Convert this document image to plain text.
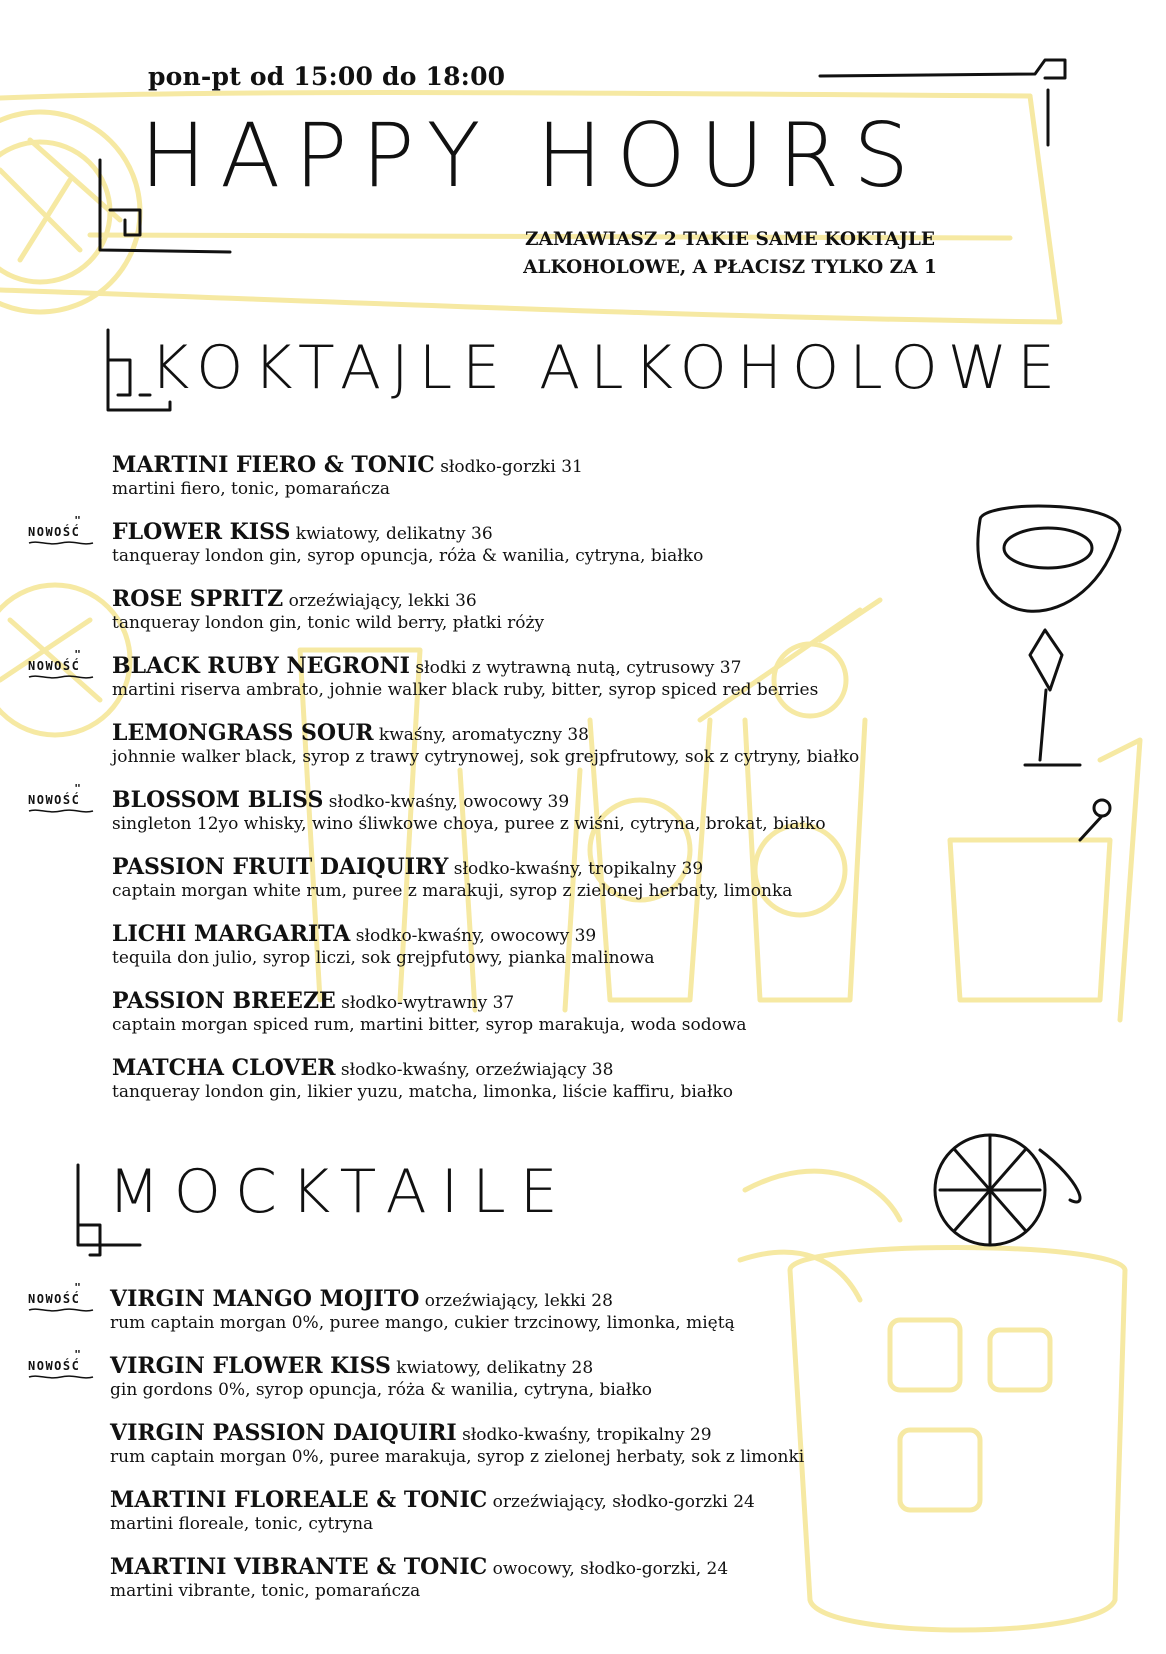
pon-pt od 15:00 do 18:00
HAPPY HOURS
ZAMAWIASZ 2 TAKIE SAME KOKTAJLE
ALKOHOLOWE, A PŁACISZ TYLKO ZA 1
KOKTAJLE ALKOHOLOWE
MOCKTAILE
MARTINI FIERO & TONIC słodko-gorzki 31
martini fiero, tonic, pomarańcza
FLOWER KISS kwiatowy, delikatny 36
tanqueray london gin, syrop opuncja, róża & wanilia, cytryna, białko
" NOWOŚĆ
ROSE SPRITZ orzeźwiający, lekki 36
tanqueray london gin, tonic wild berry, płatki róży
BLACK RUBY NEGRONI słodki z wytrawną nutą, cytrusowy 37
martini riserva ambrato, johnie walker black ruby, bitter, syrop spiced red berries
" NOWOŚĆ
LEMONGRASS SOUR kwaśny, aromatyczny 38
johnnie walker black, syrop z trawy cytrynowej, sok grejpfrutowy, sok z cytryny, białko
BLOSSOM BLISS słodko-kwaśny, owocowy 39
singleton 12yo whisky, wino śliwkowe choya, puree z wiśni, cytryna, brokat, białko
" NOWOŚĆ
PASSION FRUIT DAIQUIRY słodko-kwaśny, tropikalny 39
captain morgan white rum, puree z marakuji, syrop z zielonej herbaty, limonka
LICHI MARGARITA słodko-kwaśny, owocowy 39
tequila don julio, syrop liczi, sok grejpfutowy, pianka malinowa
PASSION BREEZE słodko-wytrawny 37
captain morgan spiced rum, martini bitter, syrop marakuja, woda sodowa
MATCHA CLOVER słodko-kwaśny, orzeźwiający 38
tanqueray london gin, likier yuzu, matcha, limonka, liście kaffiru, białko
VIRGIN MANGO MOJITO orzeźwiający, lekki 28
rum captain morgan 0%, puree mango, cukier trzcinowy, limonka, miętą
" NOWOŚĆ
VIRGIN FLOWER KISS kwiatowy, delikatny 28
gin gordons 0%, syrop opuncja, róża & wanilia, cytryna, białko
" NOWOŚĆ
VIRGIN PASSION DAIQUIRI słodko-kwaśny, tropikalny 29
rum captain morgan 0%, puree marakuja, syrop z zielonej herbaty, sok z limonki
MARTINI FLOREALE & TONIC orzeźwiający, słodko-gorzki 24
martini floreale, tonic, cytryna
MARTINI VIBRANTE & TONIC owocowy, słodko-gorzki, 24
martini vibrante, tonic, pomarańcza
